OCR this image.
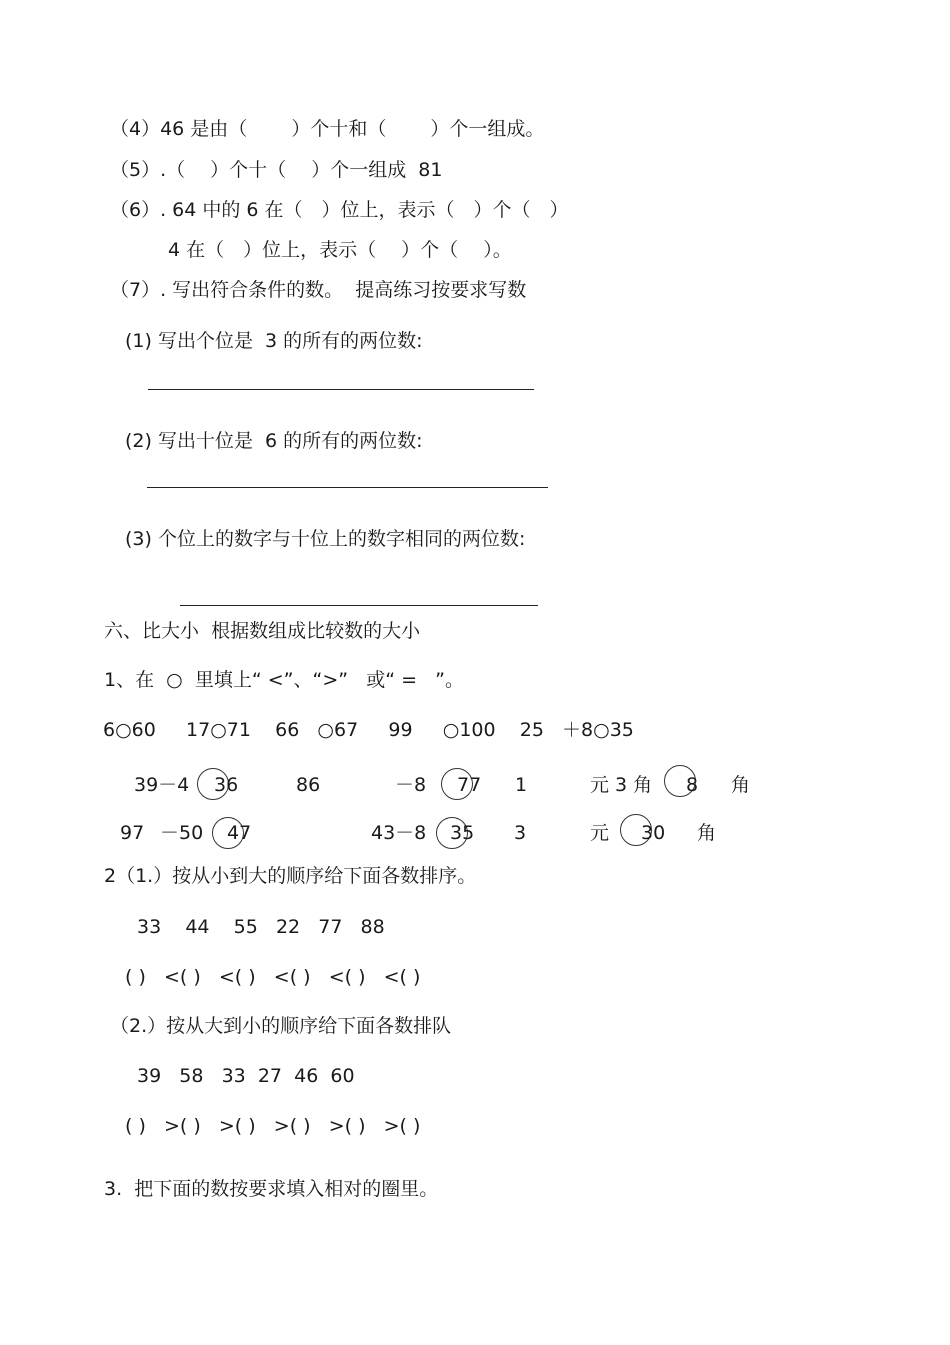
（4）46 是由（　　 ）个十和（　　 ）个一组成。
（5）.（　 ）个十（　 ）个一组成  81
（6）. 64 中的 6 在（　）位上，表示（　）个（　）
4 在（　）位上，表示（　 ）个（　 ）。
（7）. 写出符合条件的数。  提高练习按要求写数
(1) 写出个位是  3 的所有的两位数:
(2) 写出十位是  6 的所有的两位数:
(3) 个位上的数字与十位上的数字相同的两位数:
六、比大小  根据数组成比较数的大小
1、在  ○  里填上“ <”、“>”   或“ =   ”。
6○60     17○71    66   ○67     99     ○100    25   ＋8○35
39－4 36	86	－8 77 1	元 3 角 8 角
97 －50 47	43－8 35 3	元 30 角
2（1.）按从小到大的顺序给下面各数排序。
33    44    55   22   77   88
( )   <( )   <( )   <( )   <( )   <( )
（2.）按从大到小的顺序给下面各数排队
39   58   33  27  46  60
( )   >( )   >( )   >( )   >( )   >( )
3.  把下面的数按要求填入相对的圈里。
